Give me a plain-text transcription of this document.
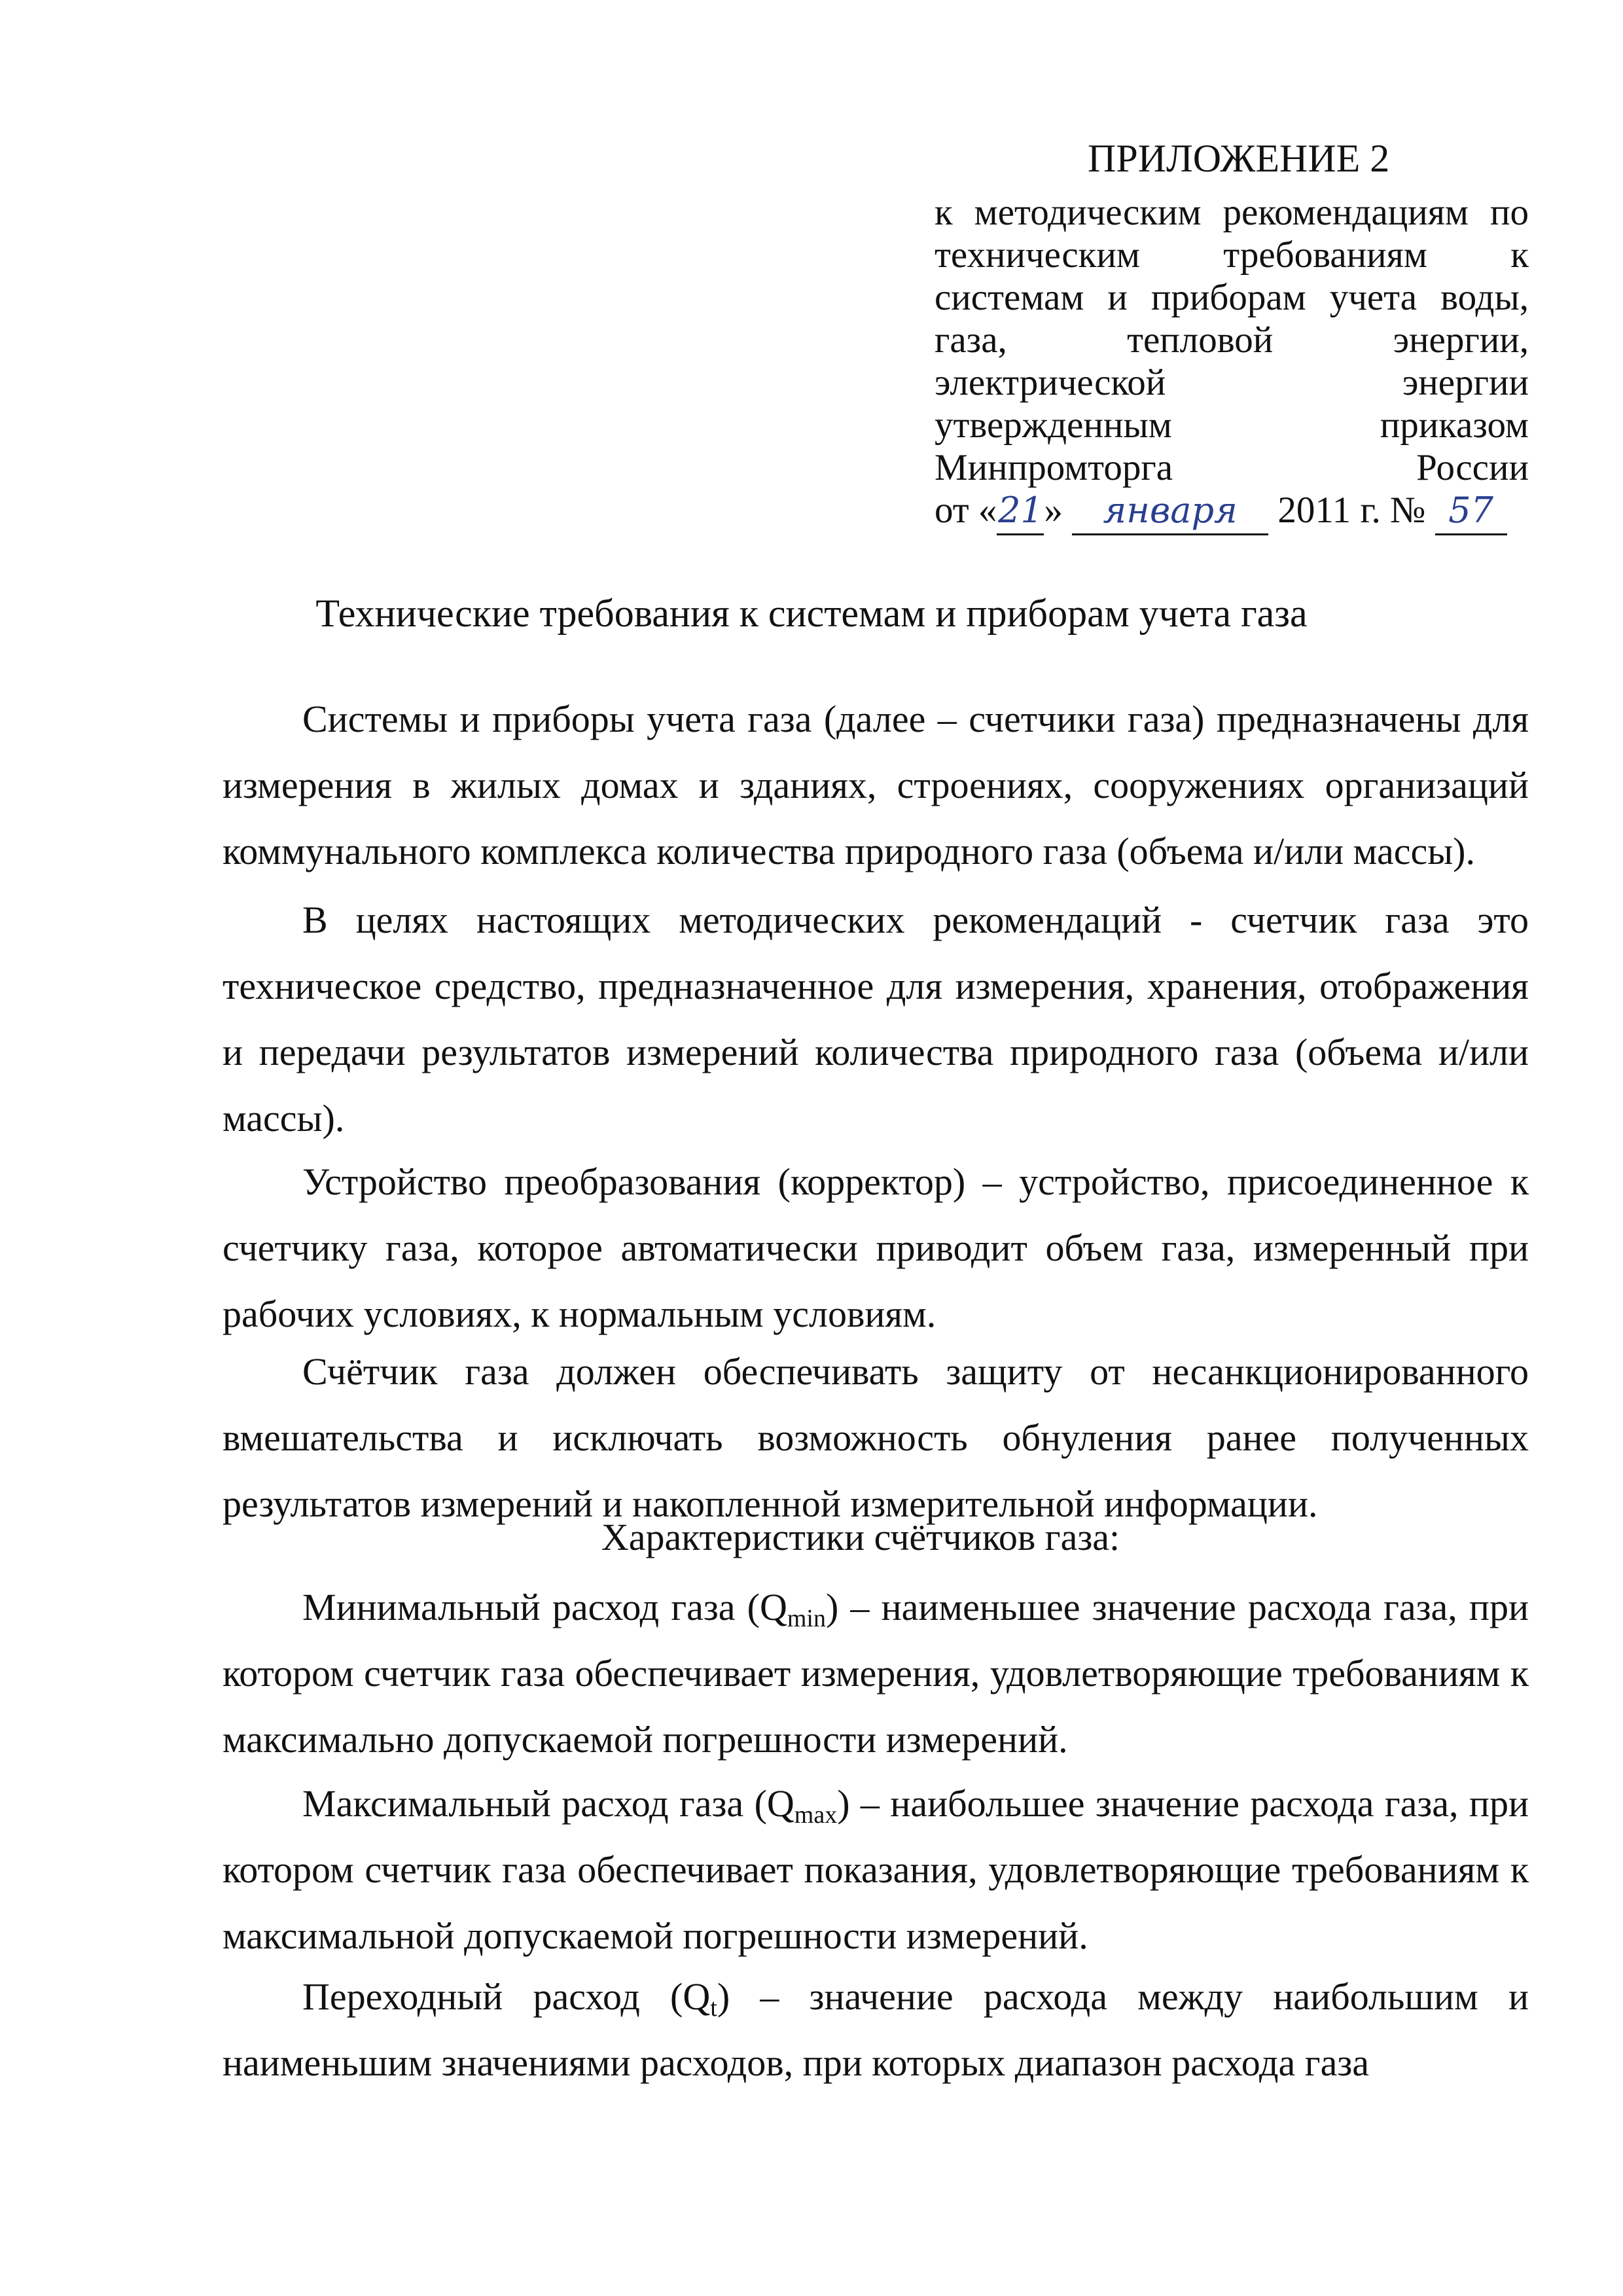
ПРИЛОЖЕНИЕ 2
к методическим рекомендациям по
техническим требованиям к
системам и приборам учета воды,
газа, тепловой энергии,
электрической энергии
утвержденным приказом
Минпромторга России
от «21» января 2011 г. № 57
Технические требования к системам и приборам учета газа

Системы и приборы учета газа (далее – счетчики газа) предназначены для измерения в жилых домах и зданиях, строениях, сооружениях организаций коммунального комплекса количества природного газа (объема и/или массы).

В целях настоящих методических рекомендаций - счетчик газа это техническое средство, предназначенное для измерения, хранения, отображения и передачи результатов измерений количества природного газа (объема и/или массы).

Устройство преобразования (корректор) – устройство, присоединенное к счетчику газа, которое автоматически приводит объем газа, измеренный при рабочих условиях, к нормальным условиям.

Счётчик газа должен обеспечивать защиту от несанкционированного вмешательства и исключать возможность обнуления ранее полученных результатов измерений и накопленной измерительной информации.

Характеристики счётчиков газа:

Минимальный расход газа $(Q_{min})$ – наименьшее значение расхода газа, при котором счетчик газа обеспечивает измерения, удовлетворяющие требованиям к максимально допускаемой погрешности измерений.

Максимальный расход газа $(Q_{max})$ – наибольшее значение расхода газа, при котором счетчик газа обеспечивает показания, удовлетворяющие требованиям к максимальной допускаемой погрешности измерений.

Переходный расход $(Q_t)$ – значение расхода между наибольшим и наименьшим значениями расходов, при которых диапазон расхода газа
